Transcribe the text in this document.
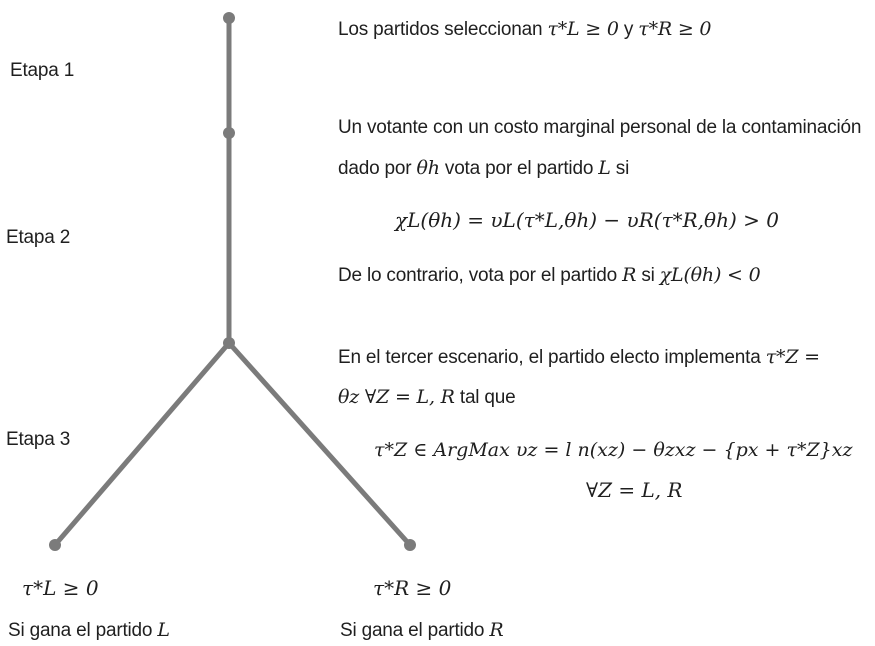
Etapa 1
Etapa 2
Etapa 3
Los partidos seleccionan τ*L ≥ 0 y τ*R ≥ 0
Un votante con un costo marginal personal de la contaminación
dado por θh vota por el partido L si
χL(θh) = υL(τ*L,θh) − υR(τ*R,θh) > 0
De lo contrario, vota por el partido R si χL(θh) < 0
En el tercer escenario, el partido electo implementa τ*Z =
θz ∀Z = L, R tal que
τ*Z ∈ ArgMax υz = l n(xz) − θzxz − {px + τ*Z}xz
∀Z = L, R
τ*L ≥ 0
Si gana el partido L
τ*R ≥ 0
Si gana el partido R
